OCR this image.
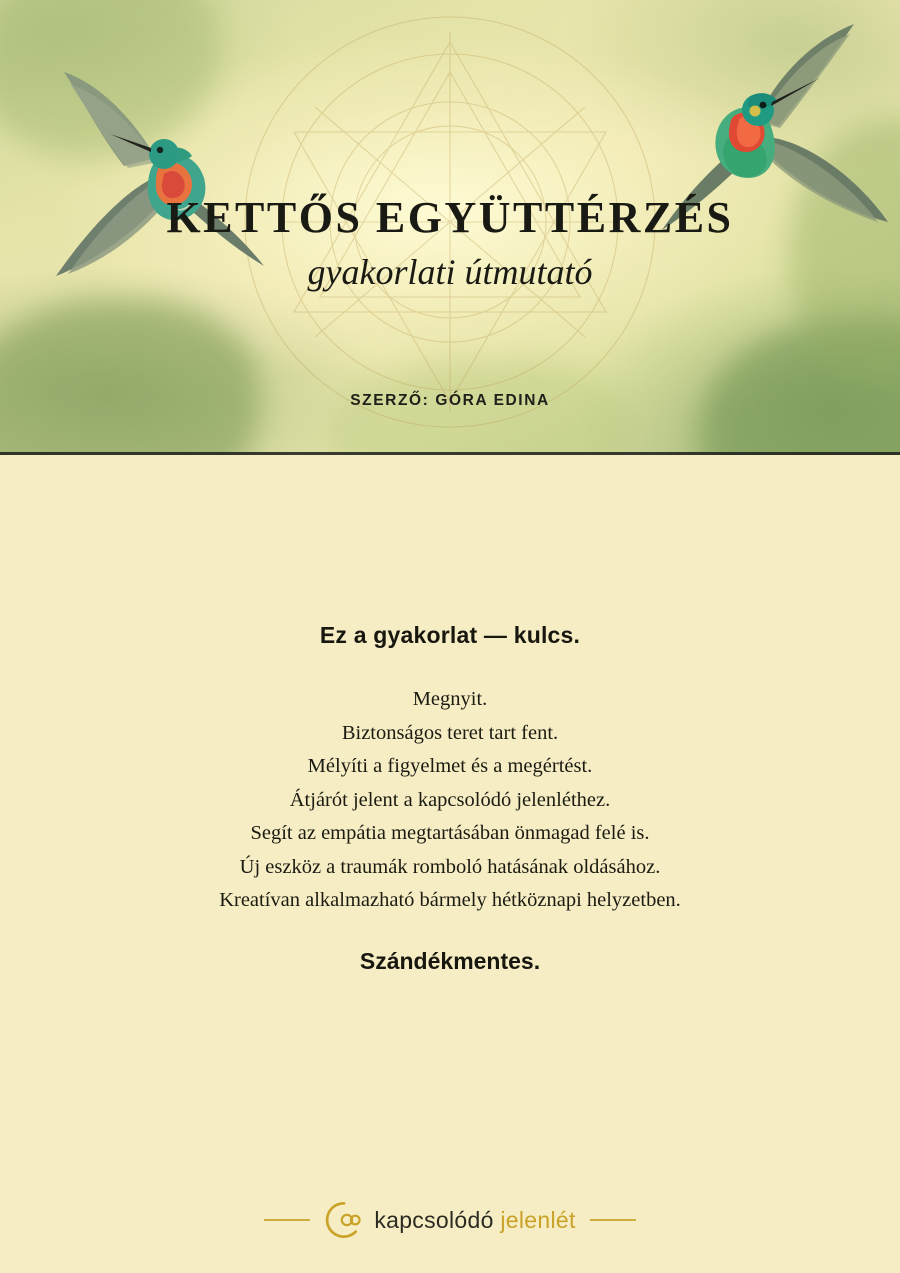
KETTŐS EGYÜTTÉRZÉS

gyakorlati útmutató

SZERZŐ: GÓRA EDINA

Ez a gyakorlat — kulcs.

Megnyit.
Biztonságos teret tart fent.
Mélyíti a figyelmet és a megértést.
Átjárót jelent a kapcsolódó jelenléthez.
Segít az empátia megtartásában önmagad felé is.
Új eszköz a traumák romboló hatásának oldásához.
Kreatívan alkalmazható bármely hétköznapi helyzetben.

Szándékmentes.

kapcsolódó jelenlét
